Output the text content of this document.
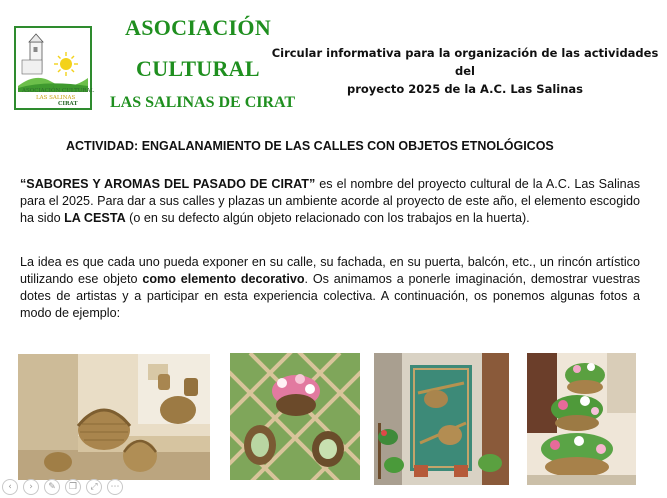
ASOCIACIÓN CULTURAL
LAS SALINAS
CIRAT
ASOCIACIÓN
CULTURAL
LAS SALINAS DE CIRAT
Circular informativa para la organización de las actividades del
proyecto 2025 de la A.C. Las Salinas
ACTIVIDAD: ENGALANAMIENTO DE LAS CALLES CON OBJETOS ETNOLÓGICOS

“SABORES Y AROMAS DEL PASADO DE CIRAT” es el nombre del proyecto cultural de la A.C. Las Salinas para el 2025. Para dar a sus calles y plazas un ambiente acorde al proyecto de este año, el elemento escogido ha sido LA CESTA (o en su defecto algún objeto relacionado con los trabajos en la huerta).

La idea es que cada uno pueda exponer en su calle, su fachada, en su puerta, balcón, etc., un rincón artístico utilizando ese objeto como elemento decorativo. Os animamos a ponerle imaginación, demostrar vuestras dotes de artistas y a participar en esta experiencia colectiva. A continuación, os ponemos algunas fotos a modo de ejemplo:

‹	›	✎	❐	⤢	⋯
